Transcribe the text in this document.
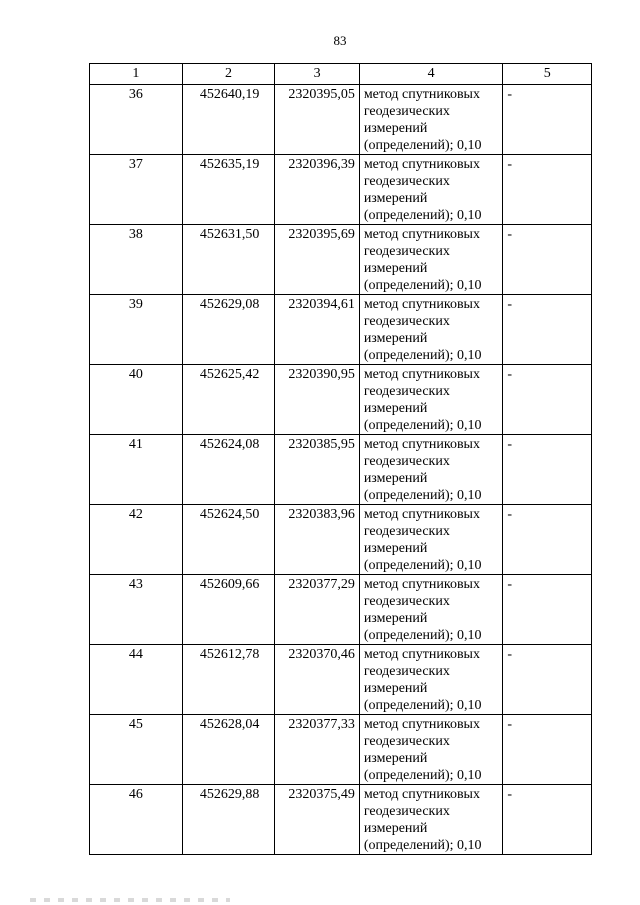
83
1	2	3	4	5
36	452640,19	2320395,05	метод спутниковых
геодезических
измерений
(определений); 0,10	-
37	452635,19	2320396,39	метод спутниковых
геодезических
измерений
(определений); 0,10	-
38	452631,50	2320395,69	метод спутниковых
геодезических
измерений
(определений); 0,10	-
39	452629,08	2320394,61	метод спутниковых
геодезических
измерений
(определений); 0,10	-
40	452625,42	2320390,95	метод спутниковых
геодезических
измерений
(определений); 0,10	-
41	452624,08	2320385,95	метод спутниковых
геодезических
измерений
(определений); 0,10	-
42	452624,50	2320383,96	метод спутниковых
геодезических
измерений
(определений); 0,10	-
43	452609,66	2320377,29	метод спутниковых
геодезических
измерений
(определений); 0,10	-
44	452612,78	2320370,46	метод спутниковых
геодезических
измерений
(определений); 0,10	-
45	452628,04	2320377,33	метод спутниковых
геодезических
измерений
(определений); 0,10	-
46	452629,88	2320375,49	метод спутниковых
геодезических
измерений
(определений); 0,10	-
